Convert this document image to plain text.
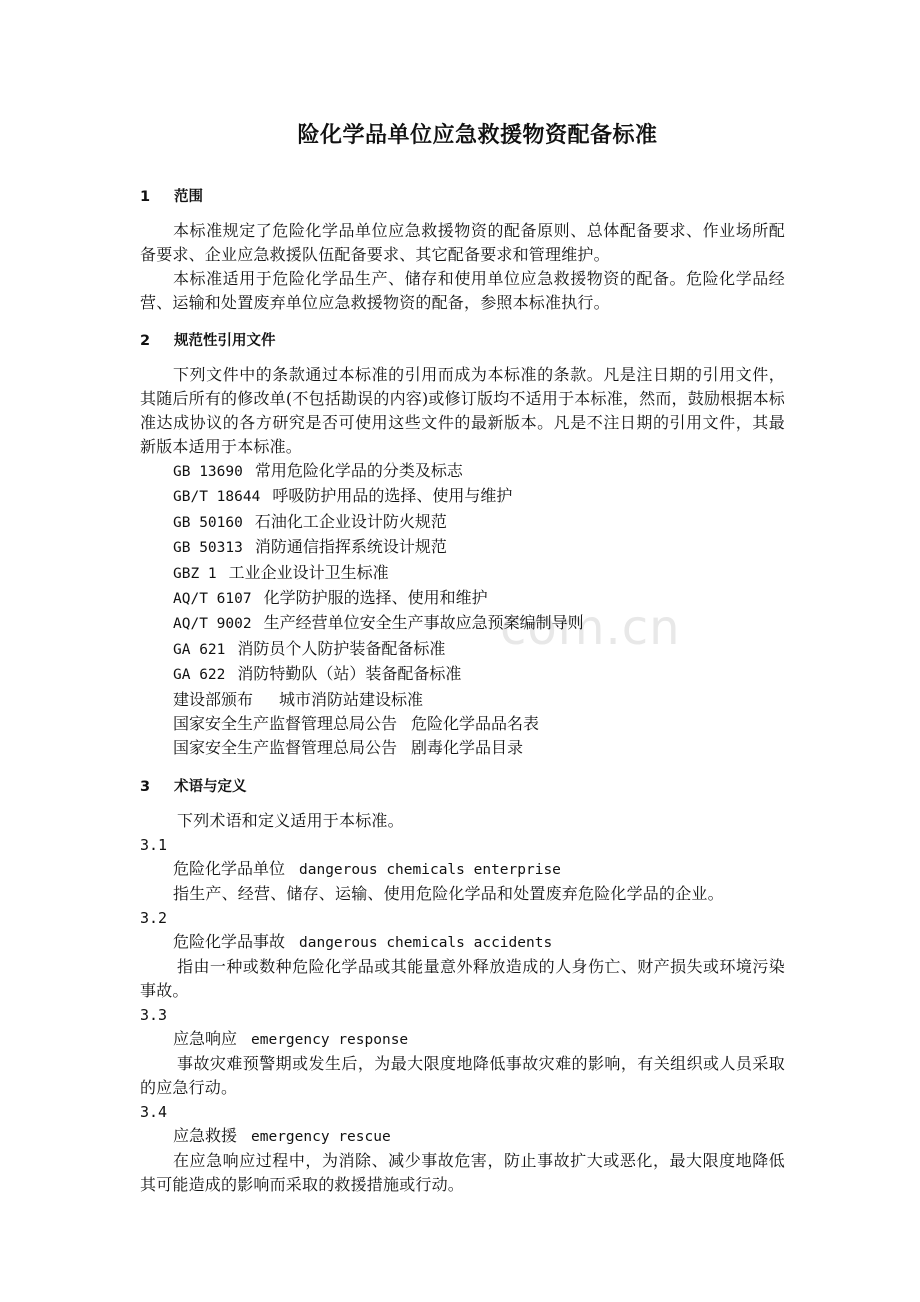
com.cn
险化学品单位应急救援物资配备标准

1 范围

本标准规定了危险化学品单位应急救援物资的配备原则、总体配备要求、作业场所配备要求、企业应急救援队伍配备要求、其它配备要求和管理维护。

本标准适用于危险化学品生产、储存和使用单位应急救援物资的配备。危险化学品经营、运输和处置废弃单位应急救援物资的配备，参照本标准执行。

2 规范性引用文件

下列文件中的条款通过本标准的引用而成为本标准的条款。凡是注日期的引用文件，其随后所有的修改单(不包括勘误的内容)或修订版均不适用于本标准，然而，鼓励根据本标准达成协议的各方研究是否可使用这些文件的最新版本。凡是不注日期的引用文件，其最新版本适用于本标准。

GB 13690 常用危险化学品的分类及标志

GB/T 18644 呼吸防护用品的选择、使用与维护

GB 50160 石油化工企业设计防火规范

GB 50313 消防通信指挥系统设计规范

GBZ 1 工业企业设计卫生标准

AQ/T 6107 化学防护服的选择、使用和维护

AQ/T 9002 生产经营单位安全生产事故应急预案编制导则

GA 621 消防员个人防护装备配备标准

GA 622 消防特勤队（站）装备配备标准

建设部颁布 城市消防站建设标准

国家安全生产监督管理总局公告 危险化学品品名表

国家安全生产监督管理总局公告 剧毒化学品目录

3 术语与定义

下列术语和定义适用于本标准。

3.1

危险化学品单位 dangerous chemicals enterprise

指生产、经营、储存、运输、使用危险化学品和处置废弃危险化学品的企业。

3.2

危险化学品事故 dangerous chemicals accidents

指由一种或数种危险化学品或其能量意外释放造成的人身伤亡、财产损失或环境污染事故。

3.3

应急响应 emergency response

事故灾难预警期或发生后，为最大限度地降低事故灾难的影响，有关组织或人员采取的应急行动。

3.4

应急救援 emergency rescue

在应急响应过程中，为消除、减少事故危害，防止事故扩大或恶化，最大限度地降低其可能造成的影响而采取的救援措施或行动。
